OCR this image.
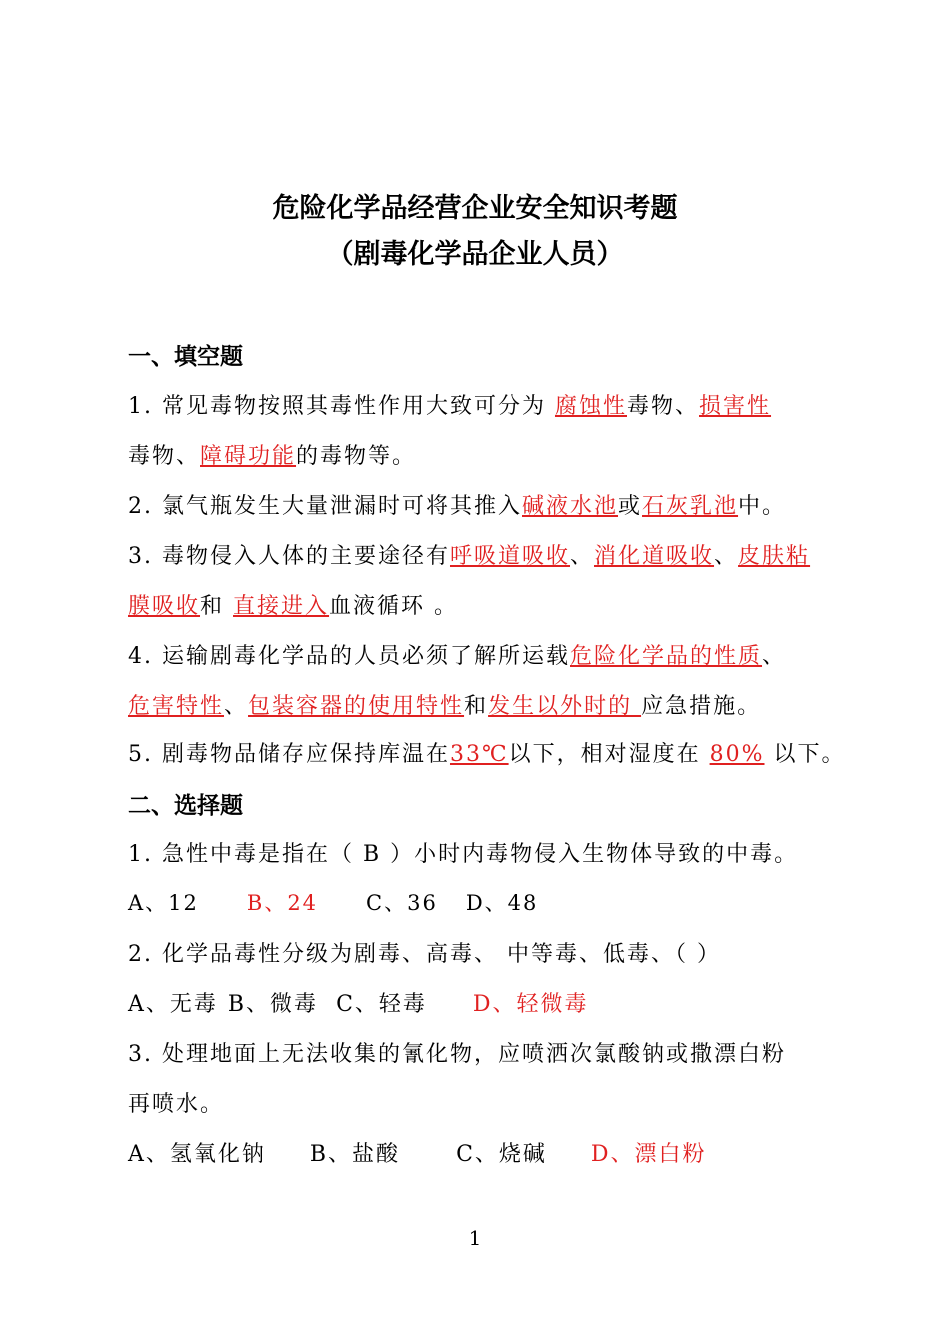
危险化学品经营企业安全知识考题
（剧毒化学品企业人员）
一、填空题
1. 常见毒物按照其毒性作用大致可分为 腐蚀性毒物、损害性
毒物、障碍功能的毒物等。
2. 氯气瓶发生大量泄漏时可将其推入碱液水池或石灰乳池中。
3. 毒物侵入人体的主要途径有呼吸道吸收、消化道吸收、皮肤粘
膜吸收和 直接进入血液循环 。
4. 运输剧毒化学品的人员必须了解所运载危险化学品的性质、
危害特性、包装容器的使用特性和发生以外时的 应急措施。
5. 剧毒物品储存应保持库温在33℃以下，相对湿度在 80% 以下。
二、选择题
1. 急性中毒是指在（ B ）小时内毒物侵入生物体导致的中毒。
A、12 B、24 C、36 D、48
2. 化学品毒性分级为剧毒、高毒、 中等毒、低毒、（ ）
A、无毒 B、微毒 C、轻毒 D、轻微毒
3. 处理地面上无法收集的氰化物，应喷洒次氯酸钠或撒漂白粉
再喷水。
A、氢氧化钠 B、盐酸	C、烧碱 D、漂白粉
1
